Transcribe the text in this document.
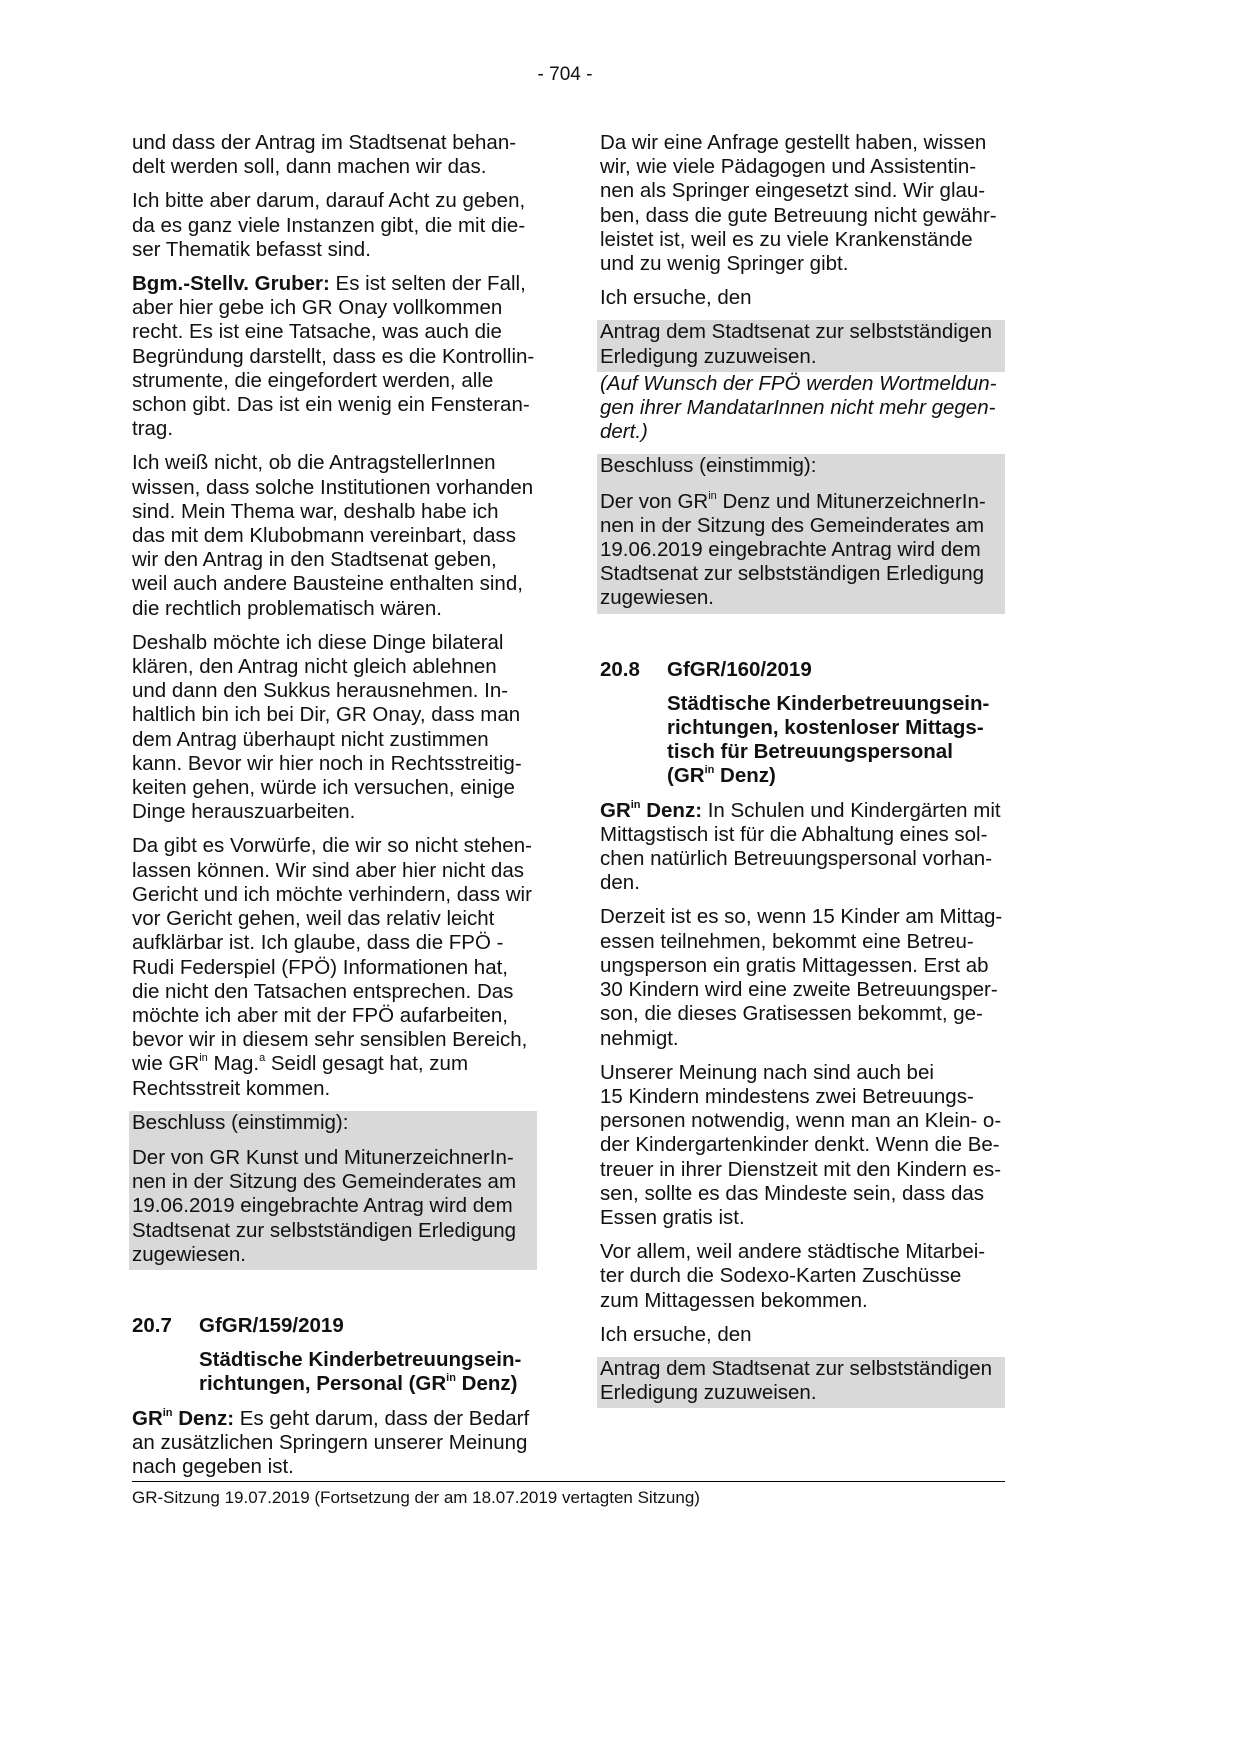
- 704 -
und dass der Antrag im Stadtsenat behan-
delt werden soll, dann machen wir das.
Ich bitte aber darum, darauf Acht zu geben,
da es ganz viele Instanzen gibt, die mit die-
ser Thematik befasst sind.
Bgm.-Stellv. Gruber: Es ist selten der Fall,
aber hier gebe ich GR Onay vollkommen
recht. Es ist eine Tatsache, was auch die
Begründung darstellt, dass es die Kontrollin-
strumente, die eingefordert werden, alle
schon gibt. Das ist ein wenig ein Fensteran-
trag.
Ich weiß nicht, ob die AntragstellerInnen
wissen, dass solche Institutionen vorhanden
sind. Mein Thema war, deshalb habe ich
das mit dem Klubobmann vereinbart, dass
wir den Antrag in den Stadtsenat geben,
weil auch andere Bausteine enthalten sind,
die rechtlich problematisch wären.
Deshalb möchte ich diese Dinge bilateral
klären, den Antrag nicht gleich ablehnen
und dann den Sukkus herausnehmen. In-
haltlich bin ich bei Dir, GR Onay, dass man
dem Antrag überhaupt nicht zustimmen
kann. Bevor wir hier noch in Rechtsstreitig-
keiten gehen, würde ich versuchen, einige
Dinge herauszuarbeiten.
Da gibt es Vorwürfe, die wir so nicht stehen-
lassen können. Wir sind aber hier nicht das
Gericht und ich möchte verhindern, dass wir
vor Gericht gehen, weil das relativ leicht
aufklärbar ist. Ich glaube, dass die FPÖ -
Rudi Federspiel (FPÖ) Informationen hat,
die nicht den Tatsachen entsprechen. Das
möchte ich aber mit der FPÖ aufarbeiten,
bevor wir in diesem sehr sensiblen Bereich,
wie $GR^{in}$ Mag.$^a$ Seidl gesagt hat, zum
Rechtsstreit kommen.
Beschluss (einstimmig):
Der von GR Kunst und MitunerzeichnerIn-
nen in der Sitzung des Gemeinderates am
19.06.2019 eingebrachte Antrag wird dem
Stadtsenat zur selbstständigen Erledigung
zugewiesen.
20.7	GfGR/159/2019
Städtische Kinderbetreuungsein-
richtungen, Personal ($GR^{in}$ Denz)
$GR^{in}$ Denz: Es geht darum, dass der Bedarf
an zusätzlichen Springern unserer Meinung
nach gegeben ist.
Da wir eine Anfrage gestellt haben, wissen
wir, wie viele Pädagogen und Assistentin-
nen als Springer eingesetzt sind. Wir glau-
ben, dass die gute Betreuung nicht gewähr-
leistet ist, weil es zu viele Krankenstände
und zu wenig Springer gibt.
Ich ersuche, den
Antrag dem Stadtsenat zur selbstständigen
Erledigung zuzuweisen.
(Auf Wunsch der FPÖ werden Wortmeldun-
gen ihrer MandatarInnen nicht mehr gegen-
dert.)
Beschluss (einstimmig):
Der von $GR^{in}$ Denz und MitunerzeichnerIn-
nen in der Sitzung des Gemeinderates am
19.06.2019 eingebrachte Antrag wird dem
Stadtsenat zur selbstständigen Erledigung
zugewiesen.
20.8	GfGR/160/2019
Städtische Kinderbetreuungsein-
richtungen, kostenloser Mittags-
tisch für Betreuungspersonal
($GR^{in}$ Denz)
$GR^{in}$ Denz: In Schulen und Kindergärten mit
Mittagstisch ist für die Abhaltung eines sol-
chen natürlich Betreuungspersonal vorhan-
den.
Derzeit ist es so, wenn 15 Kinder am Mittag-
essen teilnehmen, bekommt eine Betreu-
ungsperson ein gratis Mittagessen. Erst ab
30 Kindern wird eine zweite Betreuungsper-
son, die dieses Gratisessen bekommt, ge-
nehmigt.
Unserer Meinung nach sind auch bei
15 Kindern mindestens zwei Betreuungs-
personen notwendig, wenn man an Klein- o-
der Kindergartenkinder denkt. Wenn die Be-
treuer in ihrer Dienstzeit mit den Kindern es-
sen, sollte es das Mindeste sein, dass das
Essen gratis ist.
Vor allem, weil andere städtische Mitarbei-
ter durch die Sodexo-Karten Zuschüsse
zum Mittagessen bekommen.
Ich ersuche, den
Antrag dem Stadtsenat zur selbstständigen
Erledigung zuzuweisen.
GR-Sitzung 19.07.2019 (Fortsetzung der am 18.07.2019 vertagten Sitzung)
